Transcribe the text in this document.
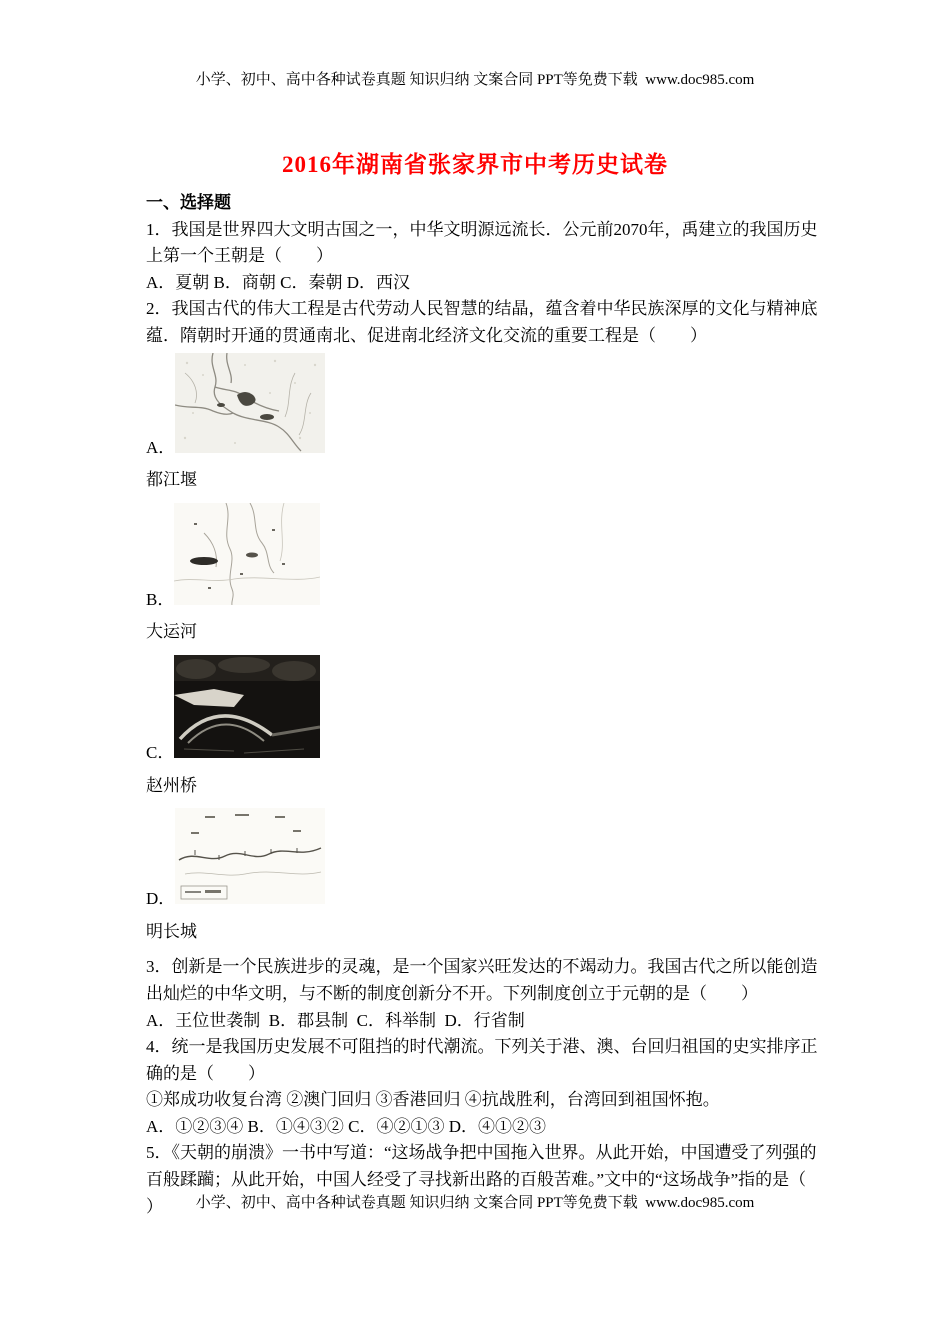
小学、初中、高中各种试卷真题 知识归纳 文案合同 PPT等免费下载  www.doc985.com
2016年湖南省张家界市中考历史试卷

一、选择题

1．我国是世界四大文明古国之一，中华文明源远流长．公元前2070年，禹建立的我国历史上第一个王朝是（　　）

A．夏朝 B．商朝 C．秦朝 D．西汉

2．我国古代的伟大工程是古代劳动人民智慧的结晶，蕴含着中华民族深厚的文化与精神底蕴．隋朝时开通的贯通南北、促进南北经济文化交流的重要工程是（　　）

A．

都江堰

B．

大运河

C．

赵州桥

D．

明长城

3．创新是一个民族进步的灵魂，是一个国家兴旺发达的不竭动力。我国古代之所以能创造出灿烂的中华文明，与不断的制度创新分不开。下列制度创立于元朝的是（　　）

A．王位世袭制  B．郡县制  C．科举制  D．行省制

4．统一是我国历史发展不可阻挡的时代潮流。下列关于港、澳、台回归祖国的史实排序正确的是（　　）

①郑成功收复台湾 ②澳门回归 ③香港回归 ④抗战胜利，台湾回到祖国怀抱。

A．①②③④ B．①④③② C．④②①③ D．④①②③

5．《天朝的崩溃》一书中写道：“这场战争把中国拖入世界。从此开始，中国遭受了列强的百般蹂躏；从此开始，中国人经受了寻找新出路的百般苦难。”文中的“这场战争”指的是（　　）	小学、初中、高中各种试卷真题 知识归纳 文案合同 PPT等免费下载  www.doc985.com
